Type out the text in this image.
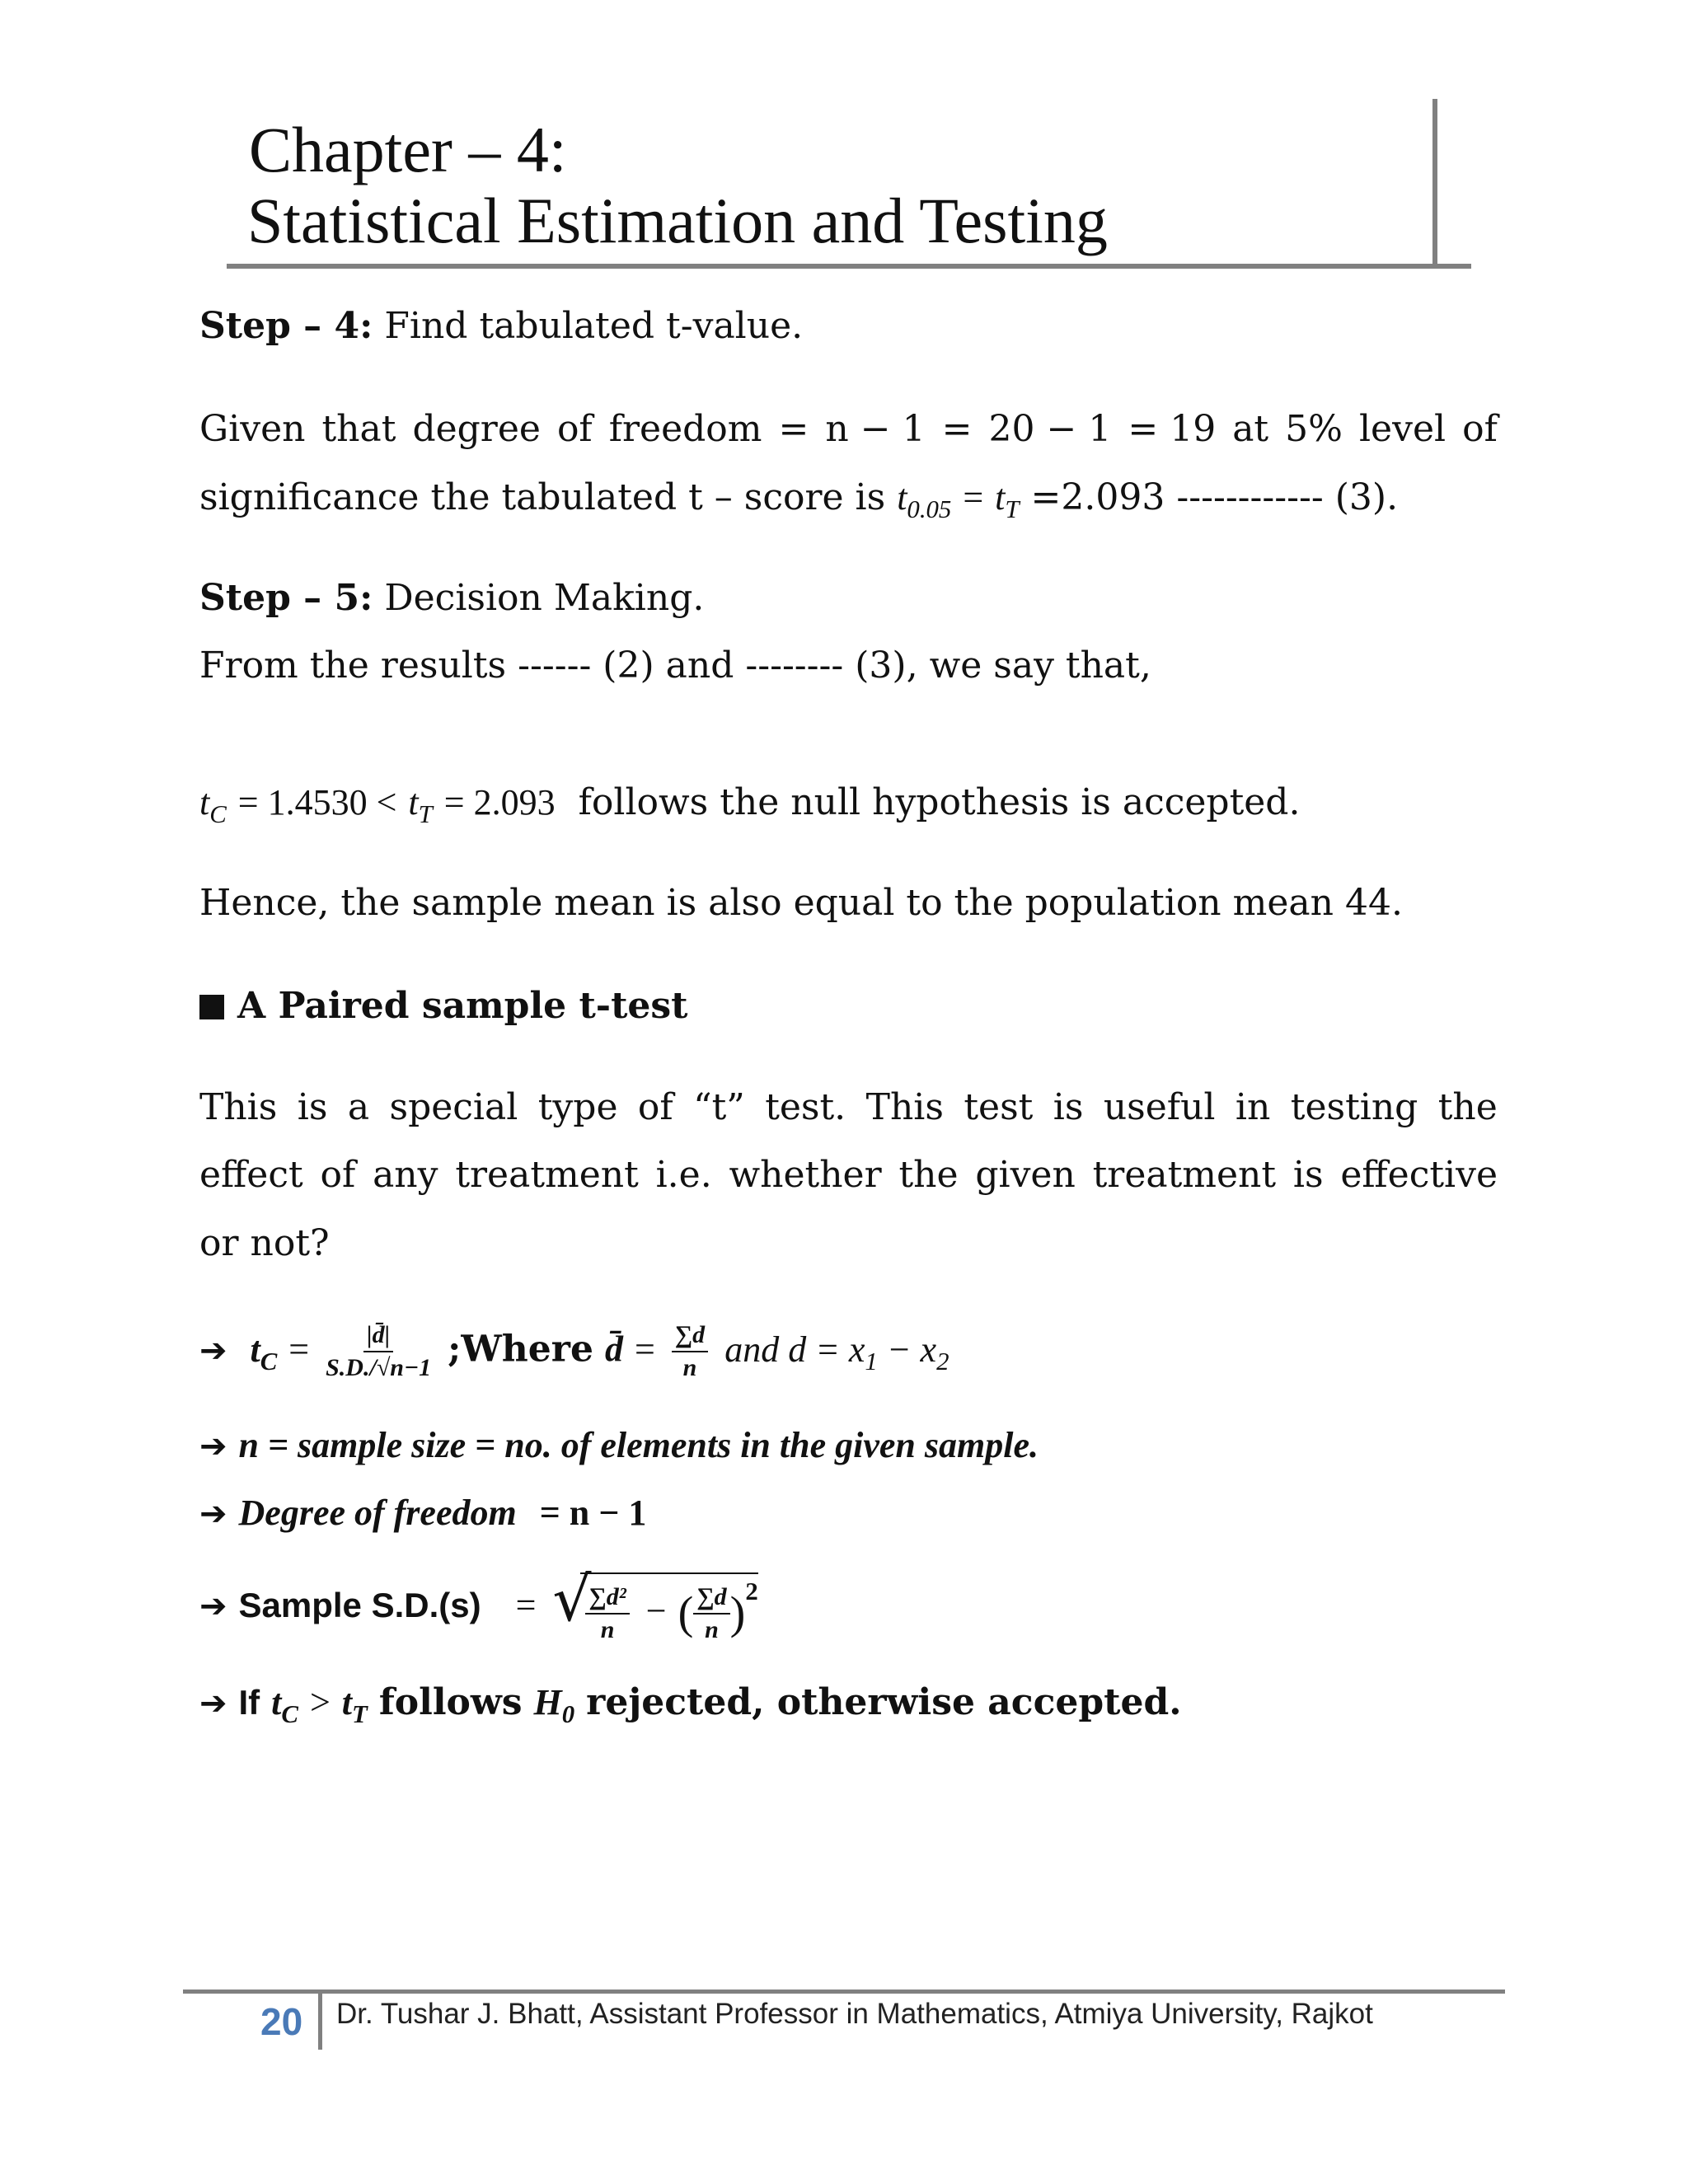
Chapter – 4:
Statistical Estimation and Testing
Step – 4: Find tabulated t-value.
Given that degree of freedom = n − 1 = 20 − 1 = 19 at 5% level of
significance the tabulated t – score is $t_{0.05} = t_T =2.093$ ------------ (3).
Step – 5: Decision Making.
From the results ------ (2) and -------- (3), we say that,
$t_C = 1.4530 < t_T = 2.093$ follows the null hypothesis is accepted.
Hence, the sample mean is also equal to the population mean 44.
A Paired sample t-test
This is a special type of “t” test. This test is useful in testing the
effect of any treatment i.e. whether the given treatment is effective
or not?
➔ $t_C = \frac{|d̄|}{S.D./√n-1}$ ;Where d̄ = $\frac{\sum d}{n}$ and $d = x_1 - x_2$
➔ n = sample size = no. of elements in the given sample.
➔ Degree of freedom = n − 1
➔ Sample S.D.(s) = √
$\frac{\text{∑d²}}{n}$ − ( $\frac{\sum d}{n} )^2$
➔ If $t_C > t_T$ follows $H_0$ rejected, otherwise accepted.
20 Dr. Tushar J. Bhatt, Assistant Professor in Mathematics, Atmiya University, Rajkot
